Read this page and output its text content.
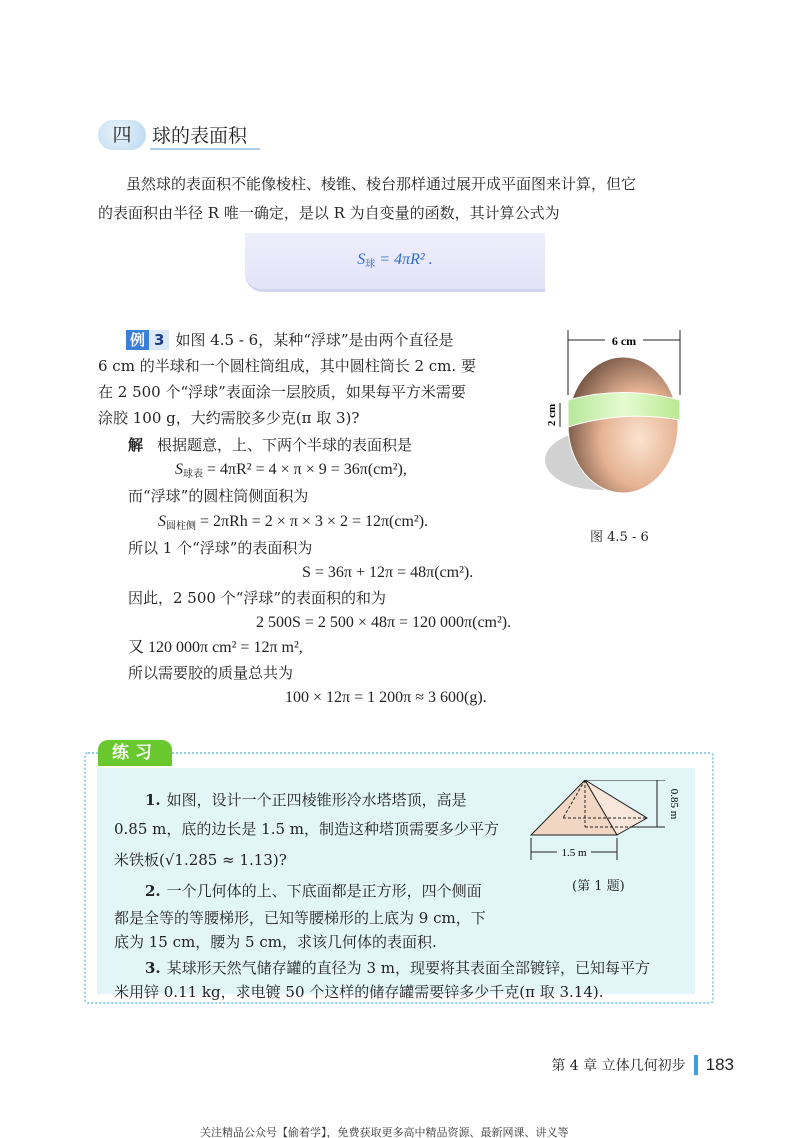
四	球的表面积
虽然球的表面积不能像棱柱、棱锥、棱台那样通过展开成平面图来计算，但它
的表面积由半径 R 唯一确定，是以 R 为自变量的函数，其计算公式为
$S_球 = 4\pi R^2$ .
例 3 如图 4.5 - 6，某种“浮球”是由两个直径是
6 cm 的半球和一个圆柱筒组成，其中圆柱筒长 2 cm. 要
在 2 500 个“浮球”表面涂一层胶质，如果每平方米需要
涂胶 100 g，大约需胶多少克(π 取 3)?
解 根据题意，上、下两个半球的表面积是
$S_{球表} = 4\pi R^2 = 4 \times \pi \times 9 = 36\pi(cm^2)$,
而“浮球”的圆柱筒侧面积为
$S_{圆柱侧} = 2\pi Rh = 2 \times \pi \times 3 \times 2 = 12\pi(cm^2)$.
所以 1 个“浮球”的表面积为
S = 36π + 12π = 48π(cm²).
因此，2 500 个“浮球”的表面积的和为
2 500S = 2 500 × 48π = 120 000π(cm²).
又 120 000π cm² = 12π m²,
所以需要胶的质量总共为
100 × 12π = 1 200π ≈ 3 600(g).
6 cm
2 cm
图 4.5 - 6
练习
1. 如图，设计一个正四棱锥形冷水塔塔顶，高是
0.85 m，底的边长是 1.5 m，制造这种塔顶需要多少平方
米铁板(√1.285 ≈ 1.13)?
2. 一个几何体的上、下底面都是正方形，四个侧面
都是全等的等腰梯形，已知等腰梯形的上底为 9 cm，下
底为 15 cm，腰为 5 cm，求该几何体的表面积.
3. 某球形天然气储存罐的直径为 3 m，现要将其表面全部镀锌，已知每平方
米用锌 0.11 kg，求电镀 50 个这样的储存罐需要锌多少千克(π 取 3.14).
0.85 m
1.5 m
(第 1 题)
第 4 章 立体几何初步 183
关注精品公众号【偷着学】，免费获取更多高中精品资源、最新网课、讲义等
